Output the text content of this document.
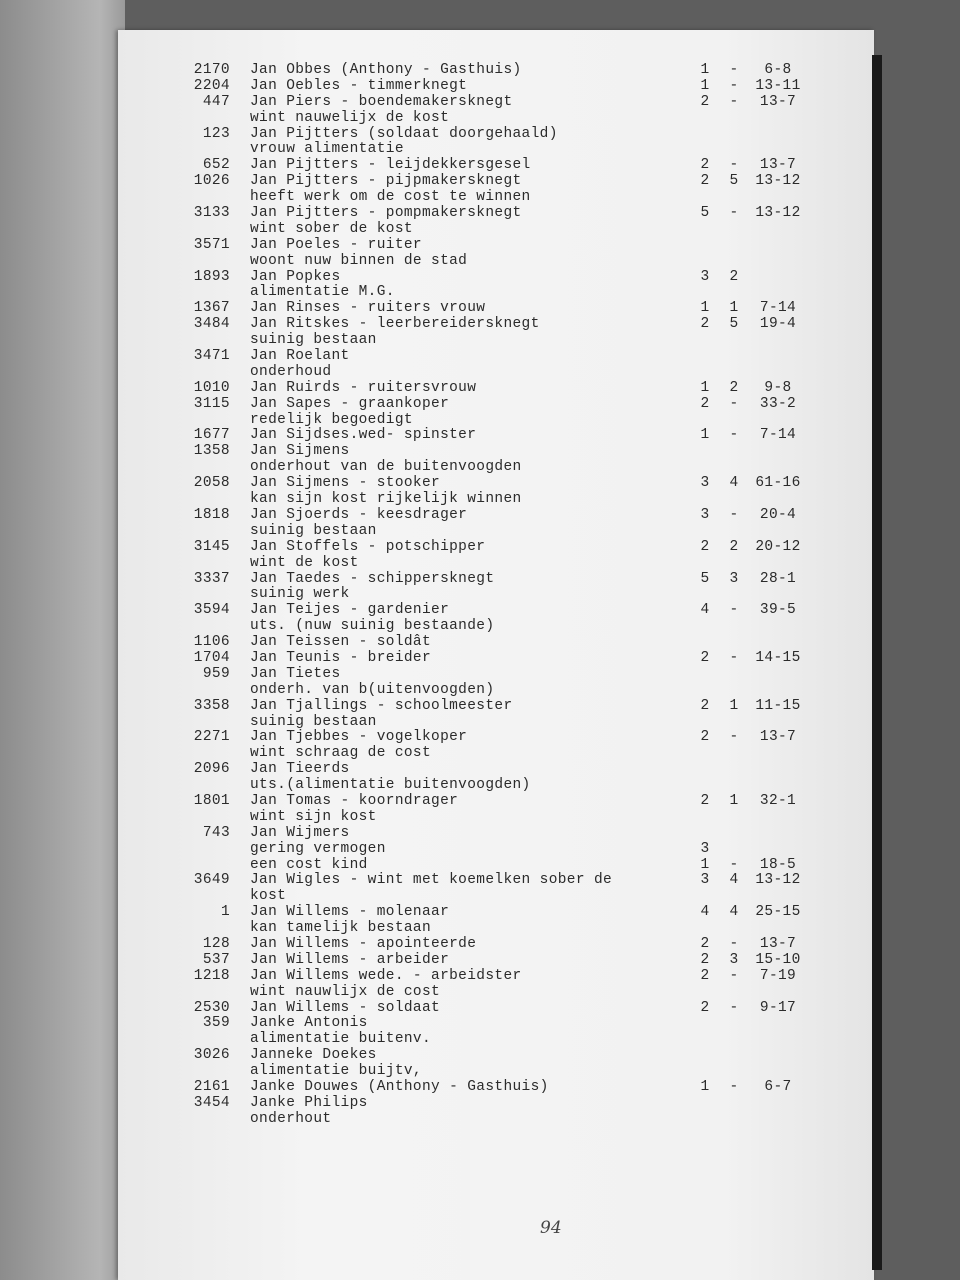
2170 Jan Obbes (Anthony - Gasthuis)	1 -	6-8
2204 Jan Oebles - timmerknegt	1 - 13-11
447 Jan Piers - boendemakersknegt	2 -	13-7
wint nauwelijx de kost
123 Jan Pijtters (soldaat doorgehaald)
vrouw alimentatie
652 Jan Pijtters - leijdekkersgesel	2 -	13-7
1026 Jan Pijtters - pijpmakersknegt	2 5 13-12
heeft werk om de cost te winnen
3133 Jan Pijtters - pompmakersknegt	5 - 13-12
wint sober de kost
3571 Jan Poeles - ruiter
woont nuw binnen de stad
1893 Jan Popkes	3 2
alimentatie M.G.
1367 Jan Rinses - ruiters vrouw	1 1	7-14
3484 Jan Ritskes - leerbereidersknegt	2 5	19-4
suinig bestaan
3471 Jan Roelant
onderhoud
1010 Jan Ruirds - ruitersvrouw	1 2	9-8
3115 Jan Sapes - graankoper	2 -	33-2
redelijk begoedigt
1677 Jan Sijdses.wed- spinster	1 -	7-14
1358 Jan Sijmens
onderhout van de buitenvoogden
2058 Jan Sijmens - stooker	3 4 61-16
kan sijn kost rijkelijk winnen
1818 Jan Sjoerds - keesdrager	3 -	20-4
suinig bestaan
3145 Jan Stoffels - potschipper	2 2 20-12
wint de kost
3337 Jan Taedes - schippersknegt	5 3	28-1
suinig werk
3594 Jan Teijes - gardenier	4 -	39-5
uts. (nuw suinig bestaande)
1106 Jan Teissen - soldât
1704 Jan Teunis - breider	2 - 14-15
959 Jan Tietes
onderh. van b(uitenvoogden)
3358 Jan Tjallings - schoolmeester	2 1 11-15
suinig bestaan
2271 Jan Tjebbes - vogelkoper	2 -	13-7
wint schraag de cost
2096 Jan Tieerds
uts.(alimentatie buitenvoogden)
1801 Jan Tomas - koorndrager	2 1	32-1
wint sijn kost
743 Jan Wijmers
gering vermogen	3
een cost kind	1 -	18-5
3649 Jan Wigles - wint met koemelken sober de	3 4 13-12
kost
1 Jan Willems - molenaar	4 4 25-15
kan tamelijk bestaan
128 Jan Willems - apointeerde	2 -	13-7
537 Jan Willems - arbeider	2 3 15-10
1218 Jan Willems wede. - arbeidster	2 -	7-19
wint nauwlijx de cost
2530 Jan Willems - soldaat	2 -	9-17
359 Janke Antonis
alimentatie buitenv.
3026 Janneke Doekes
alimentatie buijtv,
2161 Janke Douwes (Anthony - Gasthuis)	1 -	6-7
3454 Janke Philips
onderhout
94
